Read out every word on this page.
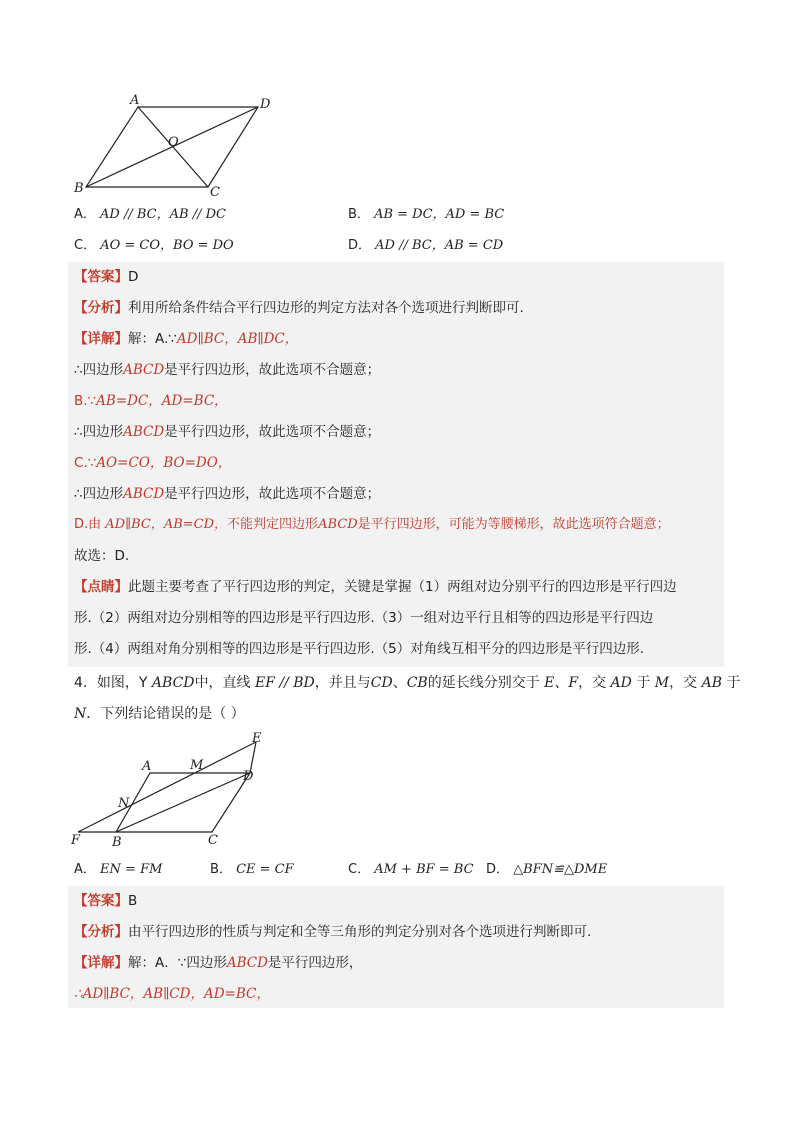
A	D
O
B	C
A． AD // BC，AB // DC	B． AB = DC，AD = BC
C． AO = CO，BO = DO	D． AD // BC，AB = CD
【答案】D
【分析】利用所给条件结合平行四边形的判定方法对各个选项进行判断即可.
【详解】解：A.∵AD∥BC，AB∥DC，
∴四边形ABCD是平行四边形，故此选项不合题意；
B.∵AB=DC，AD=BC，
∴四边形ABCD是平行四边形，故此选项不合题意；
C.∵AO=CO，BO=DO，
∴四边形ABCD是平行四边形，故此选项不合题意；
D.由 AD∥BC，AB=CD，不能判定四边形ABCD是平行四边形，可能为等腰梯形，故此选项符合题意；
故选：D.
【点睛】此题主要考查了平行四边形的判定，关键是掌握（1）两组对边分别平行的四边形是平行四边
形.（2）两组对边分别相等的四边形是平行四边形.（3）一组对边平行且相等的四边形是平行四边
形.（4）两组对角分别相等的四边形是平行四边形.（5）对角线互相平分的四边形是平行四边形.
4．如图，Y ABCD中，直线 EF // BD，并且与CD、CB的延长线分别交于 E、F，交 AD 于 M，交 AB 于
N．下列结论错误的是（ ）
E
A	M
D
N
F B	C
A． EN = FM	B． CE = CF	C． AM + BF = BC D． △BFN≌△DME
【答案】B
【分析】由平行四边形的性质与判定和全等三角形的判定分别对各个选项进行判断即可.
【详解】解：A．∵四边形ABCD是平行四边形，
∴AD∥BC，AB∥CD，AD=BC，
